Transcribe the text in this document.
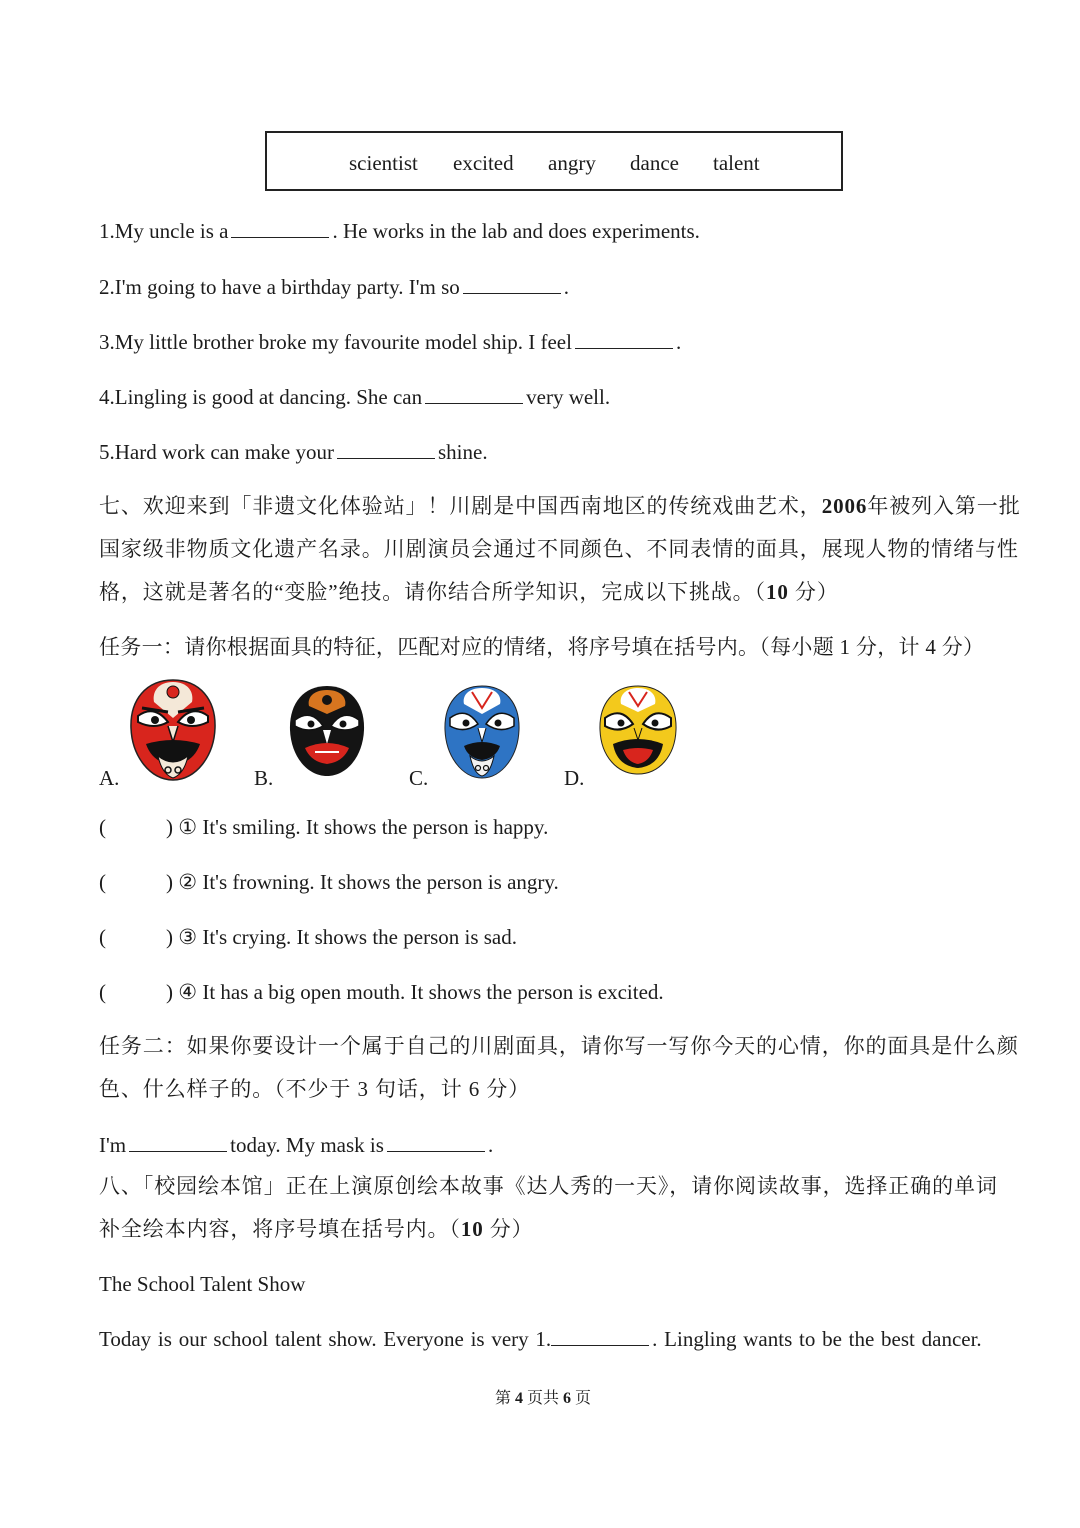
scientist excited angry dance talent
1.My uncle is a	. He works in the lab and does experiments.
2.I'm going to have a birthday party. I'm so	.
3.My little brother broke my favourite model ship. I feel	.
4.Lingling is good at dancing. She can	very well.
5.Hard work can make your	shine.
七、欢迎来到「非遗文化体验站」！川剧是中国西南地区的传统戏曲艺术，2006年被列入第一批
国家级非物质文化遗产名录。川剧演员会通过不同颜色、不同表情的面具，展现人物的情绪与性
格，这就是著名的“变脸”绝技。请你结合所学知识，完成以下挑战。（10 分）
任务一：请你根据面具的特征，匹配对应的情绪，将序号填在括号内。（每小题 1 分，计 4 分）
A.	B.	C.	D.
(	) ① It's smiling. It shows the person is happy.
(	) ② It's frowning. It shows the person is angry.
(	) ③ It's crying. It shows the person is sad.
(	) ④ It has a big open mouth. It shows the person is excited.
任务二：如果你要设计一个属于自己的川剧面具，请你写一写你今天的心情，你的面具是什么颜
色、什么样子的。（不少于 3 句话，计 6 分）
I'm	today. My mask is	.
八、「校园绘本馆」正在上演原创绘本故事《达人秀的一天》，请你阅读故事，选择正确的单词
补全绘本内容，将序号填在括号内。（10 分）
The School Talent Show
Today is our school talent show. Everyone is very 1.	. Lingling wants to be the best dancer.
第 4 页共 6 页
